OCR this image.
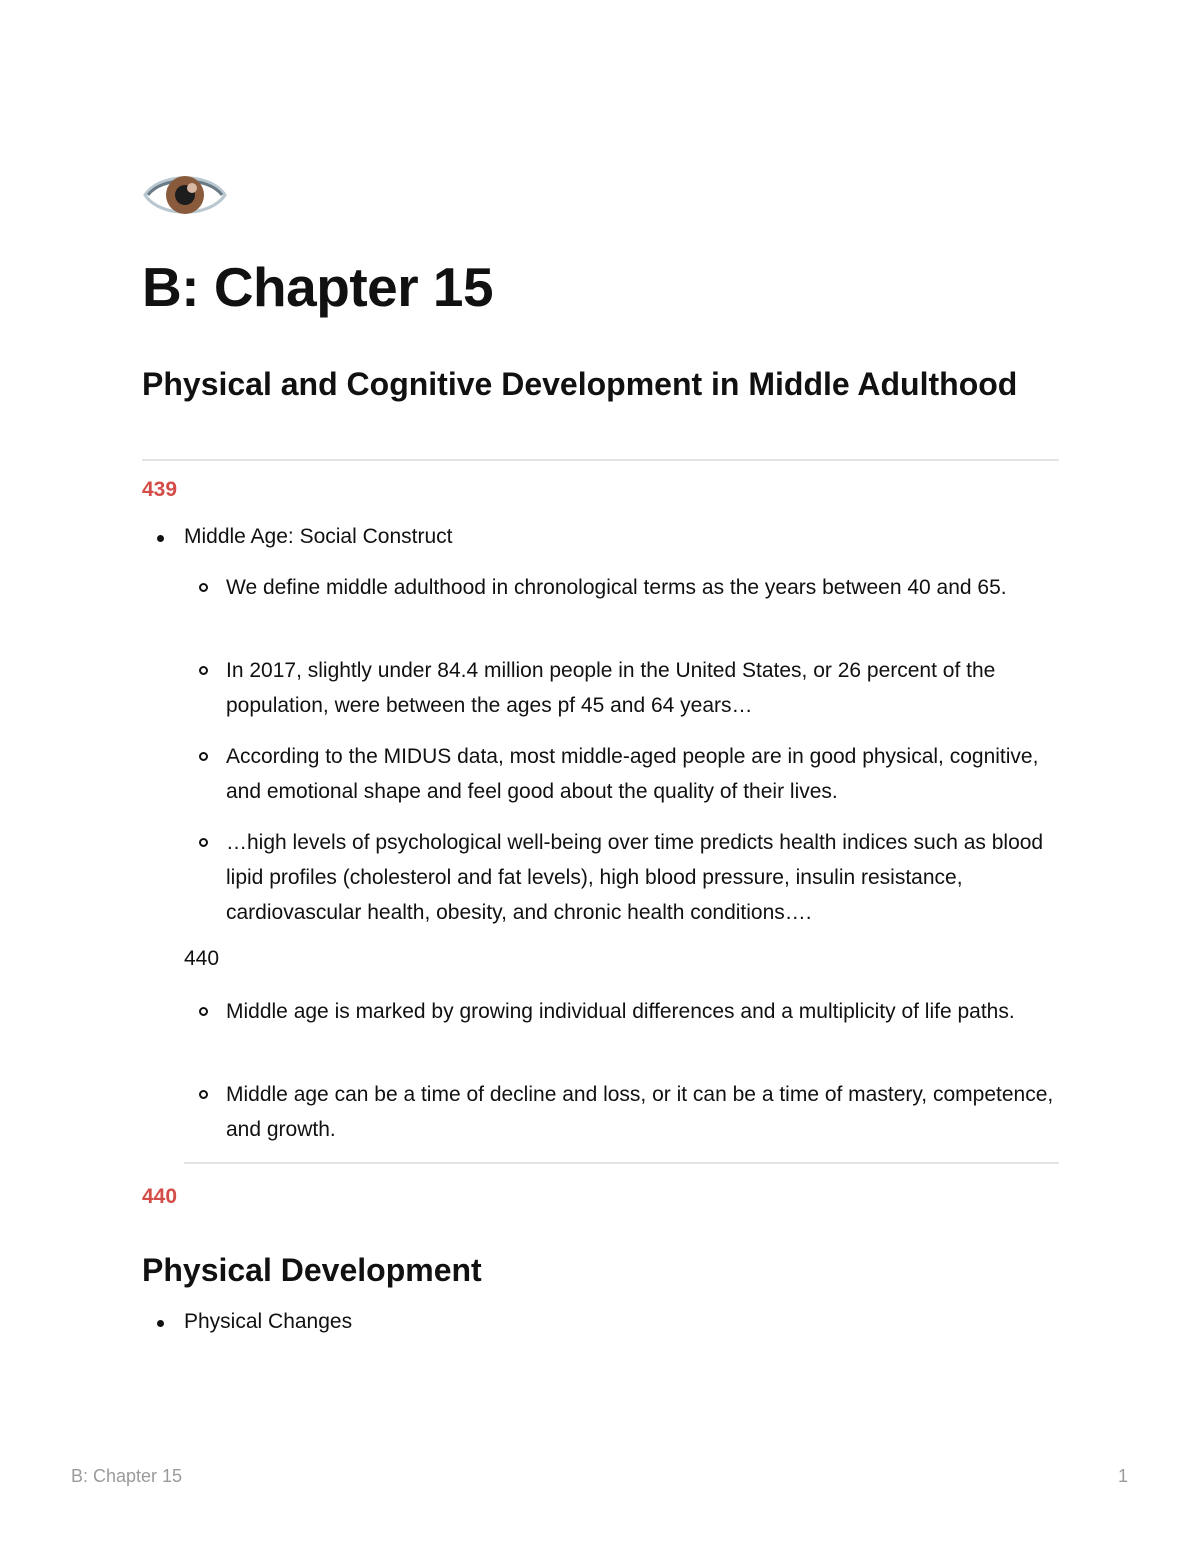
B: Chapter 15
Physical and Cognitive Development in Middle Adulthood

439

Middle Age: Social Construct

We define middle adulthood in chronological terms as the years between 40 and 65.

In 2017, slightly under 84.4 million people in the United States, or 26 percent of the population, were between the ages pf 45 and 64 years…

According to the MIDUS data, most middle-aged people are in good physical, cognitive, and emotional shape and feel good about the quality of their lives.

…high levels of psychological well-being over time predicts health indices such as blood lipid profiles (cholesterol and fat levels), high blood pressure, insulin resistance, cardiovascular health, obesity, and chronic health conditions….

440

Middle age is marked by growing individual differences and a multiplicity of life paths.

Middle age can be a time of decline and loss, or it can be a time of mastery, competence, and growth.

440

Physical Development
Physical Changes
B: Chapter 15	1
